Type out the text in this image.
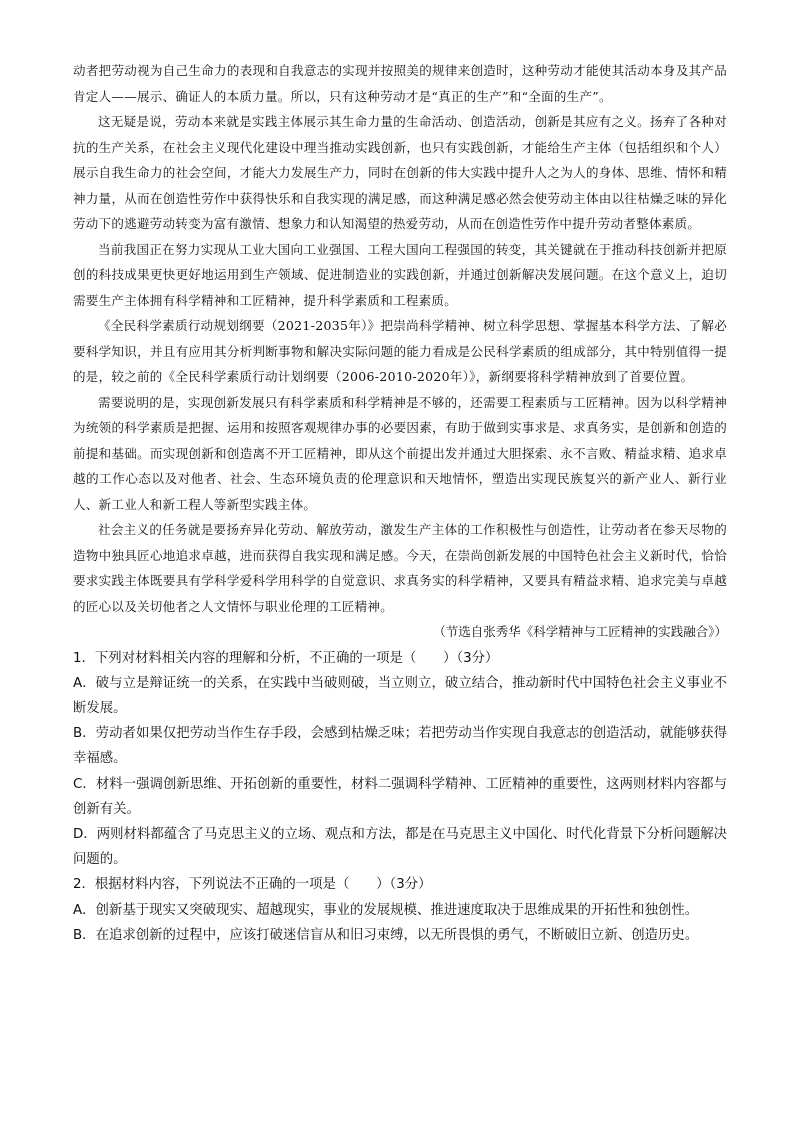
动者把劳动视为自己生命力的表现和自我意志的实现并按照美的规律来创造时，这种劳动才能使其活动本身及其产品肯定人——展示、确证人的本质力量。所以，只有这种劳动才是“真正的生产”和“全面的生产”。

这无疑是说，劳动本来就是实践主体展示其生命力量的生命活动、创造活动，创新是其应有之义。扬弃了各种对抗的生产关系，在社会主义现代化建设中理当推动实践创新，也只有实践创新，才能给生产主体（包括组织和个人）展示自我生命力的社会空间，才能大力发展生产力，同时在创新的伟大实践中提升人之为人的身体、思维、情怀和精神力量，从而在创造性劳作中获得快乐和自我实现的满足感，而这种满足感必然会使劳动主体由以往枯燥乏味的异化劳动下的逃避劳动转变为富有激情、想象力和认知渴望的热爱劳动，从而在创造性劳作中提升劳动者整体素质。

当前我国正在努力实现从工业大国向工业强国、工程大国向工程强国的转变，其关键就在于推动科技创新并把原创的科技成果更快更好地运用到生产领域、促进制造业的实践创新，并通过创新解决发展问题。在这个意义上，迫切需要生产主体拥有科学精神和工匠精神，提升科学素质和工程素质。

《全民科学素质行动规划纲要（2021-2035年）》把崇尚科学精神、树立科学思想、掌握基本科学方法、了解必要科学知识，并且有应用其分析判断事物和解决实际问题的能力看成是公民科学素质的组成部分，其中特别值得一提的是，较之前的《全民科学素质行动计划纲要（2006-2010-2020年）》，新纲要将科学精神放到了首要位置。

需要说明的是，实现创新发展只有科学素质和科学精神是不够的，还需要工程素质与工匠精神。因为以科学精神为统领的科学素质是把握、运用和按照客观规律办事的必要因素，有助于做到实事求是、求真务实，是创新和创造的前提和基础。而实现创新和创造离不开工匠精神，即从这个前提出发并通过大胆探索、永不言败、精益求精、追求卓越的工作心态以及对他者、社会、生态环境负责的伦理意识和天地情怀，塑造出实现民族复兴的新产业人、新行业人、新工业人和新工程人等新型实践主体。

社会主义的任务就是要扬弃异化劳动、解放劳动，激发生产主体的工作积极性与创造性，让劳动者在参天尽物的造物中独具匠心地追求卓越，进而获得自我实现和满足感。今天，在崇尚创新发展的中国特色社会主义新时代，恰恰要求实践主体既要具有学科学爱科学用科学的自觉意识、求真务实的科学精神，又要具有精益求精、追求完美与卓越的匠心以及关切他者之人文情怀与职业伦理的工匠精神。

（节选自张秀华《科学精神与工匠精神的实践融合》）

1．下列对材料相关内容的理解和分析，不正确的一项是（　　）（3分）

A．破与立是辩证统一的关系，在实践中当破则破，当立则立，破立结合，推动新时代中国特色社会主义事业不断发展。

B．劳动者如果仅把劳动当作生存手段，会感到枯燥乏味；若把劳动当作实现自我意志的创造活动，就能够获得幸福感。

C．材料一强调创新思维、开拓创新的重要性，材料二强调科学精神、工匠精神的重要性，这两则材料内容都与创新有关。

D．两则材料都蕴含了马克思主义的立场、观点和方法，都是在马克思主义中国化、时代化背景下分析问题解决问题的。

2．根据材料内容，下列说法不正确的一项是（　　）（3分）

A．创新基于现实又突破现实、超越现实，事业的发展规模、推进速度取决于思维成果的开拓性和独创性。

B．在追求创新的过程中，应该打破迷信盲从和旧习束缚，以无所畏惧的勇气，不断破旧立新、创造历史。
